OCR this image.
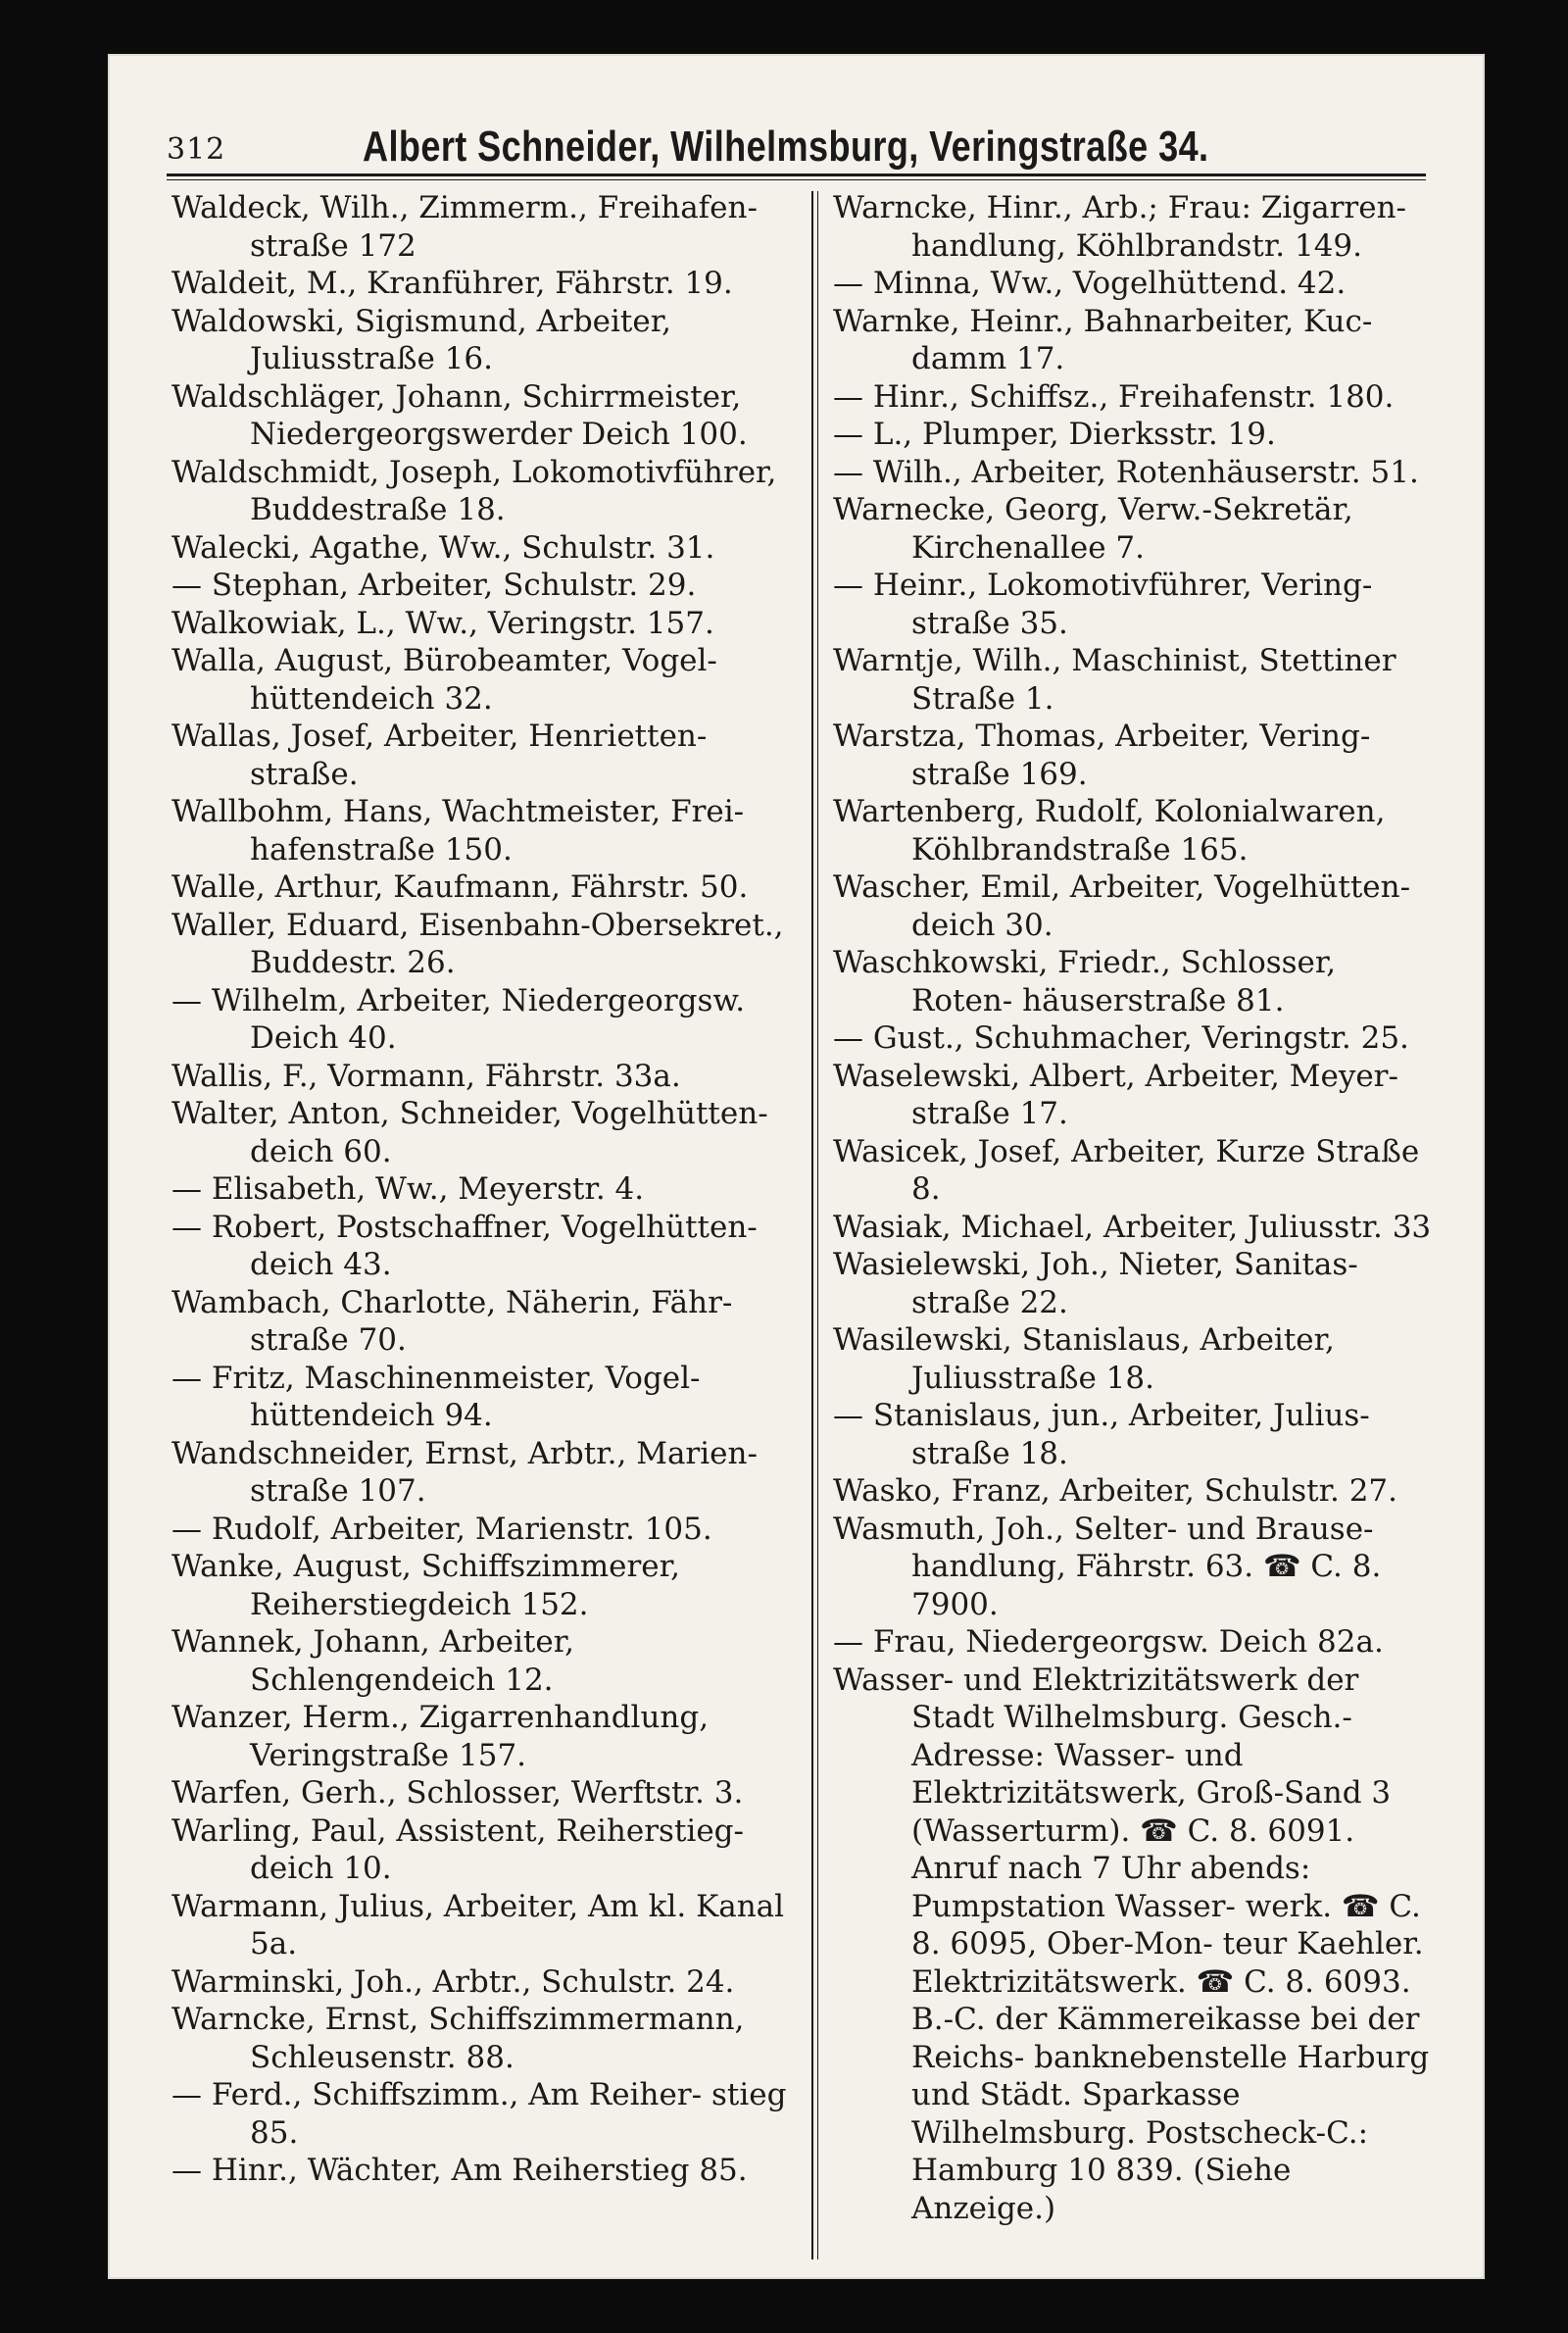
312	Albert Schneider, Wilhelmsburg, Veringstraße 34.

Waldeck, Wilh., Zimmerm., Freihafen- straße 172

Waldeit, M., Kranführer, Fährstr. 19.

Waldowski, Sigismund, Arbeiter, Juliusstraße 16.

Waldschläger, Johann, Schirrmeister, Niedergeorgswerder Deich 100.

Waldschmidt, Joseph, Lokomotivführer, Buddestraße 18.

Walecki, Agathe, Ww., Schulstr. 31.

— Stephan, Arbeiter, Schulstr. 29.

Walkowiak, L., Ww., Veringstr. 157.

Walla, August, Bürobeamter, Vogel- hüttendeich 32.

Wallas, Josef, Arbeiter, Henrietten- straße.

Wallbohm, Hans, Wachtmeister, Frei- hafenstraße 150.

Walle, Arthur, Kaufmann, Fährstr. 50.

Waller, Eduard, Eisenbahn-Obersekret., Buddestr. 26.

— Wilhelm, Arbeiter, Niedergeorgsw. Deich 40.

Wallis, F., Vormann, Fährstr. 33a.

Walter, Anton, Schneider, Vogelhütten- deich 60.

— Elisabeth, Ww., Meyerstr. 4.

— Robert, Postschaffner, Vogelhütten- deich 43.

Wambach, Charlotte, Näherin, Fähr- straße 70.

— Fritz, Maschinenmeister, Vogel- hüttendeich 94.

Wandschneider, Ernst, Arbtr., Marien- straße 107.

— Rudolf, Arbeiter, Marienstr. 105.

Wanke, August, Schiffszimmerer, Reiherstiegdeich 152.

Wannek, Johann, Arbeiter, Schlengendeich 12.

Wanzer, Herm., Zigarrenhandlung, Veringstraße 157.

Warfen, Gerh., Schlosser, Werftstr. 3.

Warling, Paul, Assistent, Reiherstieg- deich 10.

Warmann, Julius, Arbeiter, Am kl. Kanal 5a.

Warminski, Joh., Arbtr., Schulstr. 24.

Warncke, Ernst, Schiffszimmermann, Schleusenstr. 88.

— Ferd., Schiffszimm., Am Reiher- stieg 85.

— Hinr., Wächter, Am Reiherstieg 85.

Warncke, Hinr., Arb.; Frau: Zigarren- handlung, Köhlbrandstr. 149.

— Minna, Ww., Vogelhüttend. 42.

Warnke, Heinr., Bahnarbeiter, Kuc- damm 17.

— Hinr., Schiffsz., Freihafenstr. 180.

— L., Plumper, Dierksstr. 19.

— Wilh., Arbeiter, Rotenhäuserstr. 51.

Warnecke, Georg, Verw.-Sekretär, Kirchenallee 7.

— Heinr., Lokomotivführer, Vering- straße 35.

Warntje, Wilh., Maschinist, Stettiner Straße 1.

Warstza, Thomas, Arbeiter, Vering- straße 169.

Wartenberg, Rudolf, Kolonialwaren, Köhlbrandstraße 165.

Wascher, Emil, Arbeiter, Vogelhütten- deich 30.

Waschkowski, Friedr., Schlosser, Roten- häuserstraße 81.

— Gust., Schuhmacher, Veringstr. 25.

Waselewski, Albert, Arbeiter, Meyer- straße 17.

Wasicek, Josef, Arbeiter, Kurze Straße 8.

Wasiak, Michael, Arbeiter, Juliusstr. 33

Wasielewski, Joh., Nieter, Sanitas- straße 22.

Wasilewski, Stanislaus, Arbeiter, Juliusstraße 18.

— Stanislaus, jun., Arbeiter, Julius- straße 18.

Wasko, Franz, Arbeiter, Schulstr. 27.

Wasmuth, Joh., Selter- und Brause- handlung, Fährstr. 63. ☎ C. 8. 7900.

— Frau, Niedergeorgsw. Deich 82a.

Wasser- und Elektrizitätswerk der Stadt Wilhelmsburg. Gesch.-Adresse: Wasser- und Elektrizitätswerk, Groß-Sand 3 (Wasserturm). ☎ C. 8. 6091. Anruf nach 7 Uhr abends: Pumpstation Wasser- werk. ☎ C. 8. 6095, Ober-Mon- teur Kaehler. Elektrizitätswerk. ☎ C. 8. 6093. B.-C. der Kämmereikasse bei der Reichs- banknebenstelle Harburg und Städt. Sparkasse Wilhelmsburg. Postscheck-C.: Hamburg 10 839. (Siehe Anzeige.)
